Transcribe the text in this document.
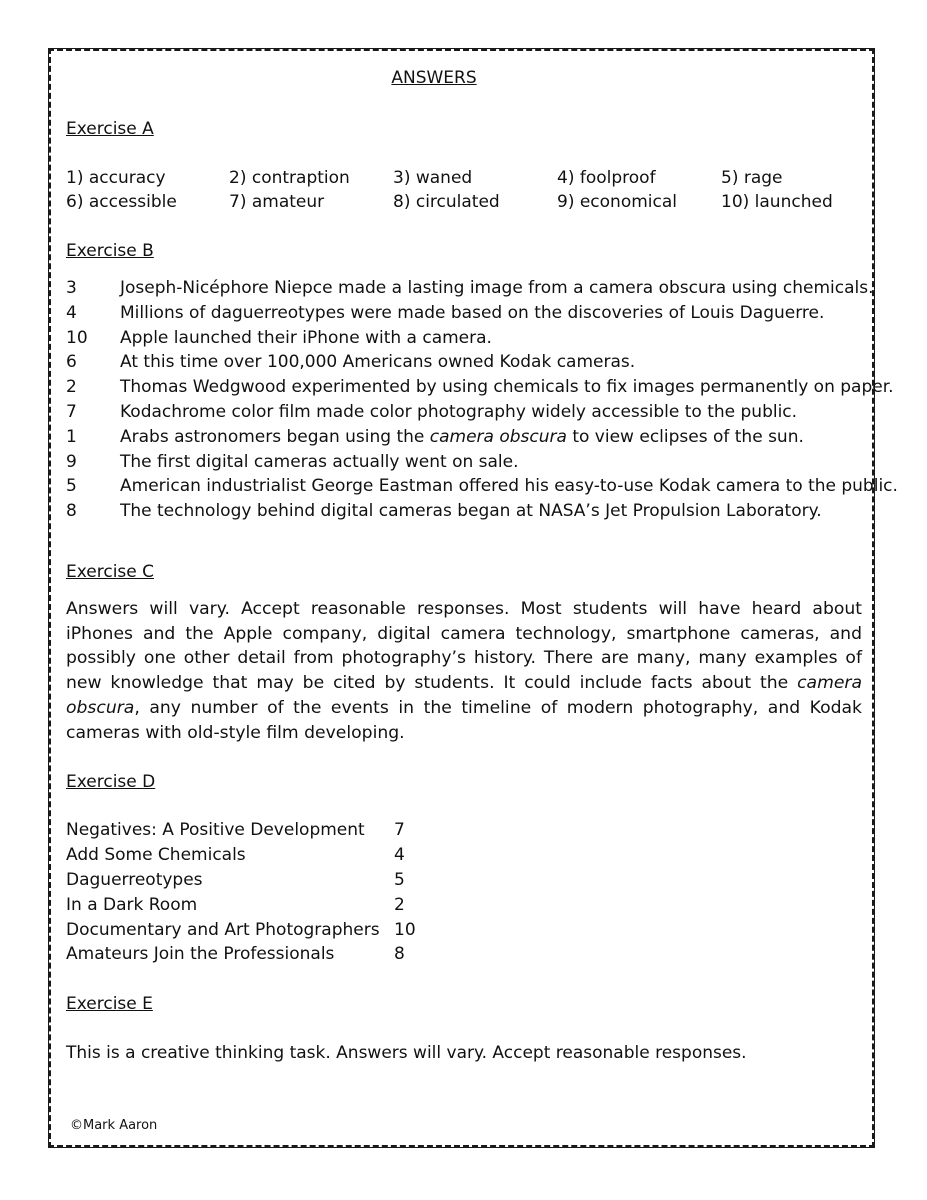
ANSWERS
Exercise A
1) accuracy	2) contraption	3) waned	4) foolproof	5) rage
6) accessible	7) amateur	8) circulated	9) economical	10) launched
Exercise B
3	Joseph-Nicéphore Niepce made a lasting image from a camera obscura using chemicals.
4	Millions of daguerreotypes were made based on the discoveries of Louis Daguerre.
10	Apple launched their iPhone with a camera.
6	At this time over 100,000 Americans owned Kodak cameras.
2	Thomas Wedgwood experimented by using chemicals to fix images permanently on paper.
7	Kodachrome color film made color photography widely accessible to the public.
1	Arabs astronomers began using the camera obscura to view eclipses of the sun.
9	The first digital cameras actually went on sale.
5	American industrialist George Eastman offered his easy-to-use Kodak camera to the public.
8	The technology behind digital cameras began at NASA’s Jet Propulsion Laboratory.
Exercise C
Answers will vary. Accept reasonable responses. Most students will have heard about iPhones and the Apple company, digital camera technology, smartphone cameras, and possibly one other detail from photography’s history. There are many, many examples of new knowledge that may be cited by students. It could include facts about the camera obscura, any number of the events in the timeline of modern photography, and Kodak cameras with old-style film developing.
Exercise D
Negatives: A Positive Development	7
Add Some Chemicals	4
Daguerreotypes	5
In a Dark Room	2
Documentary and Art Photographers 10
Amateurs Join the Professionals	8
Exercise E
This is a creative thinking task. Answers will vary. Accept reasonable responses.
©Mark Aaron
